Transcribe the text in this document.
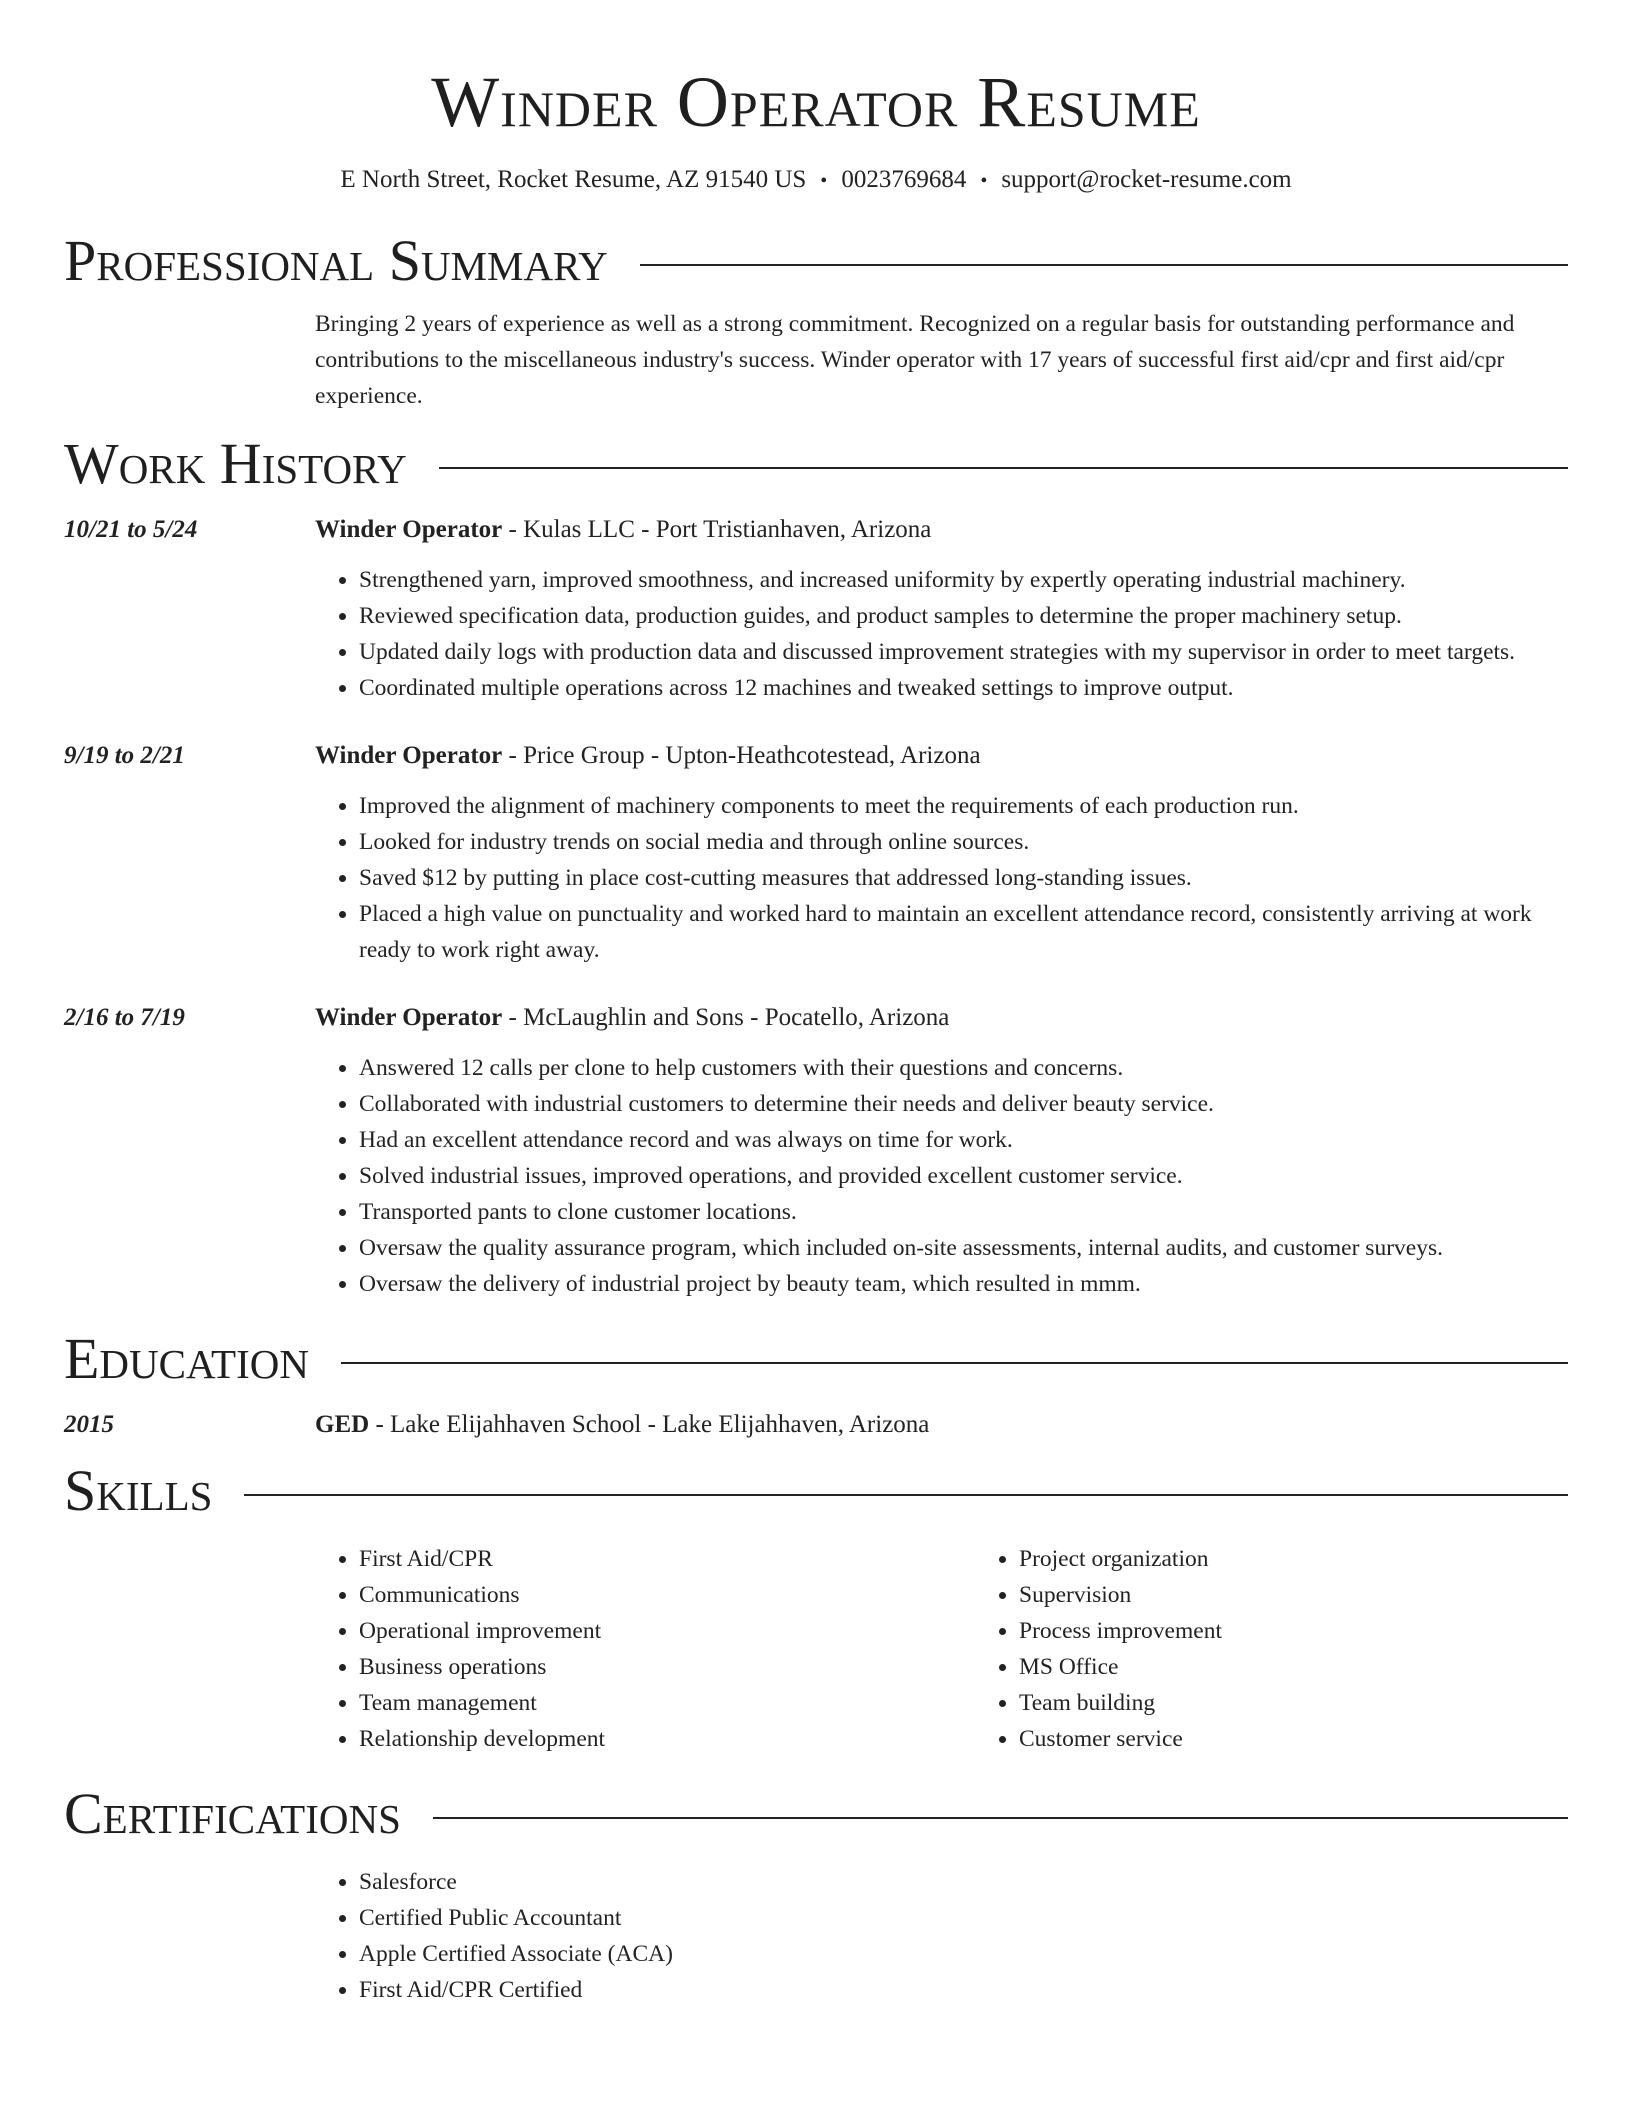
Winder Operator Resume
E North Street, Rocket Resume, AZ 91540 US • 0023769684 • support@rocket-resume.com
Professional Summary

Bringing 2 years of experience as well as a strong commitment. Recognized on a regular basis for outstanding performance and contributions to the miscellaneous industry's success. Winder operator with 17 years of successful first aid/cpr and first aid/cpr experience.

Work History
10/21 to 5/24	Winder Operator - Kulas LLC - Port Tristianhaven, Arizona
• Strengthened yarn, improved smoothness, and increased uniformity by expertly operating industrial machinery.
• Reviewed specification data, production guides, and product samples to determine the proper machinery setup.
• Updated daily logs with production data and discussed improvement strategies with my supervisor in order to meet targets.
• Coordinated multiple operations across 12 machines and tweaked settings to improve output.
9/19 to 2/21	Winder Operator - Price Group - Upton-Heathcotestead, Arizona
• Improved the alignment of machinery components to meet the requirements of each production run.
• Looked for industry trends on social media and through online sources.
• Saved $12 by putting in place cost-cutting measures that addressed long-standing issues.
• Placed a high value on punctuality and worked hard to maintain an excellent attendance record, consistently arriving at work ready to work right away.
2/16 to 7/19	Winder Operator - McLaughlin and Sons - Pocatello, Arizona
• Answered 12 calls per clone to help customers with their questions and concerns.
• Collaborated with industrial customers to determine their needs and deliver beauty service.
• Had an excellent attendance record and was always on time for work.
• Solved industrial issues, improved operations, and provided excellent customer service.
• Transported pants to clone customer locations.
• Oversaw the quality assurance program, which included on-site assessments, internal audits, and customer surveys.
• Oversaw the delivery of industrial project by beauty team, which resulted in mmm.
Education
2015	GED - Lake Elijahhaven School - Lake Elijahhaven, Arizona
Skills
• First Aid/CPR
• Communications
• Operational improvement
• Business operations
• Team management
• Relationship development
• Project organization
• Supervision
• Process improvement
• MS Office
• Team building
• Customer service
Certifications
• Salesforce
• Certified Public Accountant
• Apple Certified Associate (ACA)
• First Aid/CPR Certified
